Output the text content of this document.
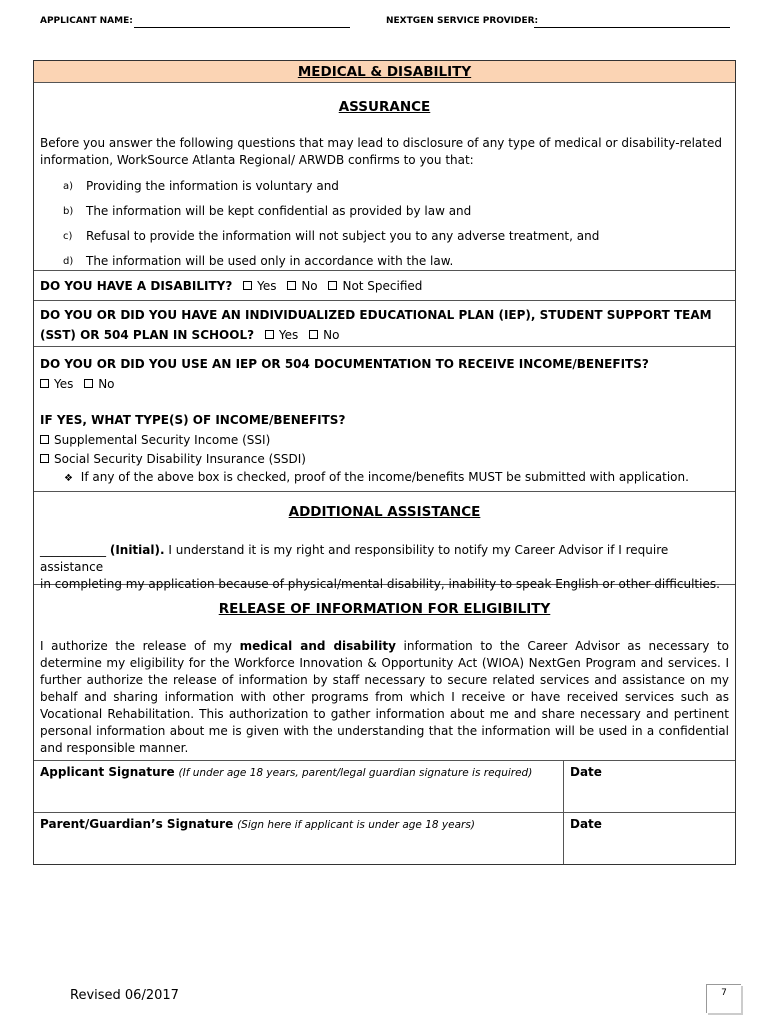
APPLICANT NAME:	NEXTGEN SERVICE PROVIDER:
MEDICAL & DISABILITY
ASSURANCE
Before you answer the following questions that may lead to disclosure of any type of medical or disability-related information, WorkSource Atlanta Regional/ ARWDB confirms to you that:
a) Providing the information is voluntary and
b) The information will be kept confidential as provided by law and
c) Refusal to provide the information will not subject you to any adverse treatment, and
d) The information will be used only in accordance with the law.
DO YOU HAVE A DISABILITY? Yes No Not Specified
DO YOU OR DID YOU HAVE AN INDIVIDUALIZED EDUCATIONAL PLAN (IEP), STUDENT SUPPORT TEAM
(SST) OR 504 PLAN IN SCHOOL? Yes No
DO YOU OR DID YOU USE AN IEP OR 504 DOCUMENTATION TO RECEIVE INCOME/BENEFITS?
Yes No
IF YES, WHAT TYPE(S) OF INCOME/BENEFITS?
Supplemental Security Income (SSI)
Social Security Disability Insurance (SSDI)
❖ If any of the above box is checked, proof of the income/benefits MUST be submitted with application.
ADDITIONAL ASSISTANCE
___________ (Initial). I understand it is my right and responsibility to notify my Career Advisor if I require assistance
in completing my application because of physical/mental disability, inability to speak English or other difficulties.
RELEASE OF INFORMATION FOR ELIGIBILITY
I authorize the release of my medical and disability information to the Career Advisor as necessary to determine my eligibility for the Workforce Innovation & Opportunity Act (WIOA) NextGen Program and services. I further authorize the release of information by staff necessary to secure related services and assistance on my behalf and sharing information with other programs from which I receive or have received services such as Vocational Rehabilitation. This authorization to gather information about me and share necessary and pertinent personal information about me is given with the understanding that the information will be used in a confidential and responsible manner.
Applicant Signature (If under age 18 years, parent/legal guardian signature is required)	Date
Parent/Guardian’s Signature (Sign here if applicant is under age 18 years)	Date
Revised 06/2017	7
